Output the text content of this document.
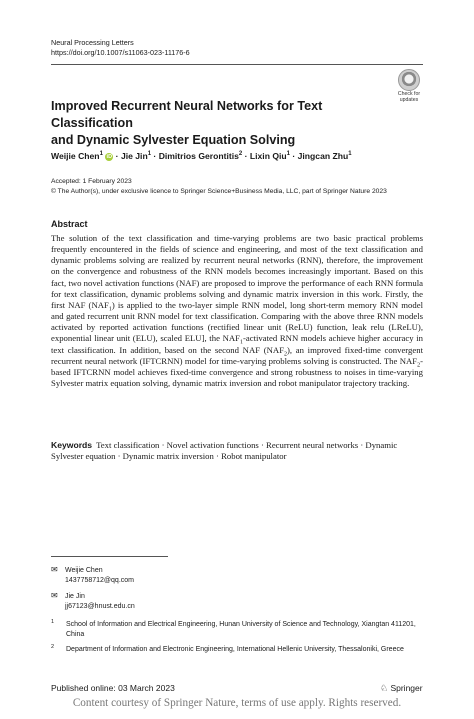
Neural Processing Letters
https://doi.org/10.1007/s11063-023-11176-6
Check for
updates
Improved Recurrent Neural Networks for Text Classification
and Dynamic Sylvester Equation Solving
Weijie Chen$^1$ iD · Jie Jin$^1$ · Dimitrios Gerontitis$^2$ · Lixin Qiu$^1$ · Jingcan Zhu$^1$
Accepted: 1 February 2023
© The Author(s), under exclusive licence to Springer Science+Business Media, LLC, part of Springer Nature 2023
Abstract
The solution of the text classification and time-varying problems are two basic practical problems frequently encountered in the fields of science and engineering, and most of the text classification and dynamic problems solving are realized by recurrent neural networks (RNN), therefore, the improvement on the convergence and robustness of the RNN models becomes increasingly important. Based on this fact, two novel activation functions (NAF) are proposed to improve the performance of each RNN formula for text classification, dynamic problems solving and dynamic matrix inversion in this work. Firstly, the first NAF $(NAF_1)$ is applied to the two-layer simple RNN model, long short-term memory RNN model and gated recurrent unit RNN model for text classification. Comparing with the above three RNN models activated by reported activation functions (rectified linear unit (ReLU) function, leak relu (LReLU), exponential linear unit (ELU), scaled ELU], the $NAF_1$-activated RNN models achieve higher accuracy in text classification. In addition, based on the second NAF $(NAF_2)$, an improved fixed-time convergent recurrent neural network (IFTCRNN) model for time-varying problems solving is constructed. The $NAF_2$-based IFTCRNN model achieves fixed-time convergence and strong robustness to noises in time-varying Sylvester matrix equation solving, dynamic matrix inversion and robot manipulator trajectory tracking.
Keywords Text classification · Novel activation functions · Recurrent neural networks · Dynamic Sylvester equation · Dynamic matrix inversion · Robot manipulator
✉ Weijie Chen
1437758712@qq.com
✉ Jie Jin
jj67123@hnust.edu.cn
1	School of Information and Electrical Engineering, Hunan University of Science and Technology, Xiangtan 411201, China
2	Department of Information and Electronic Engineering, International Hellenic University, Thessaloniki, Greece
Published online: 03 March 2023	♘ Springer
Content courtesy of Springer Nature, terms of use apply. Rights reserved.
